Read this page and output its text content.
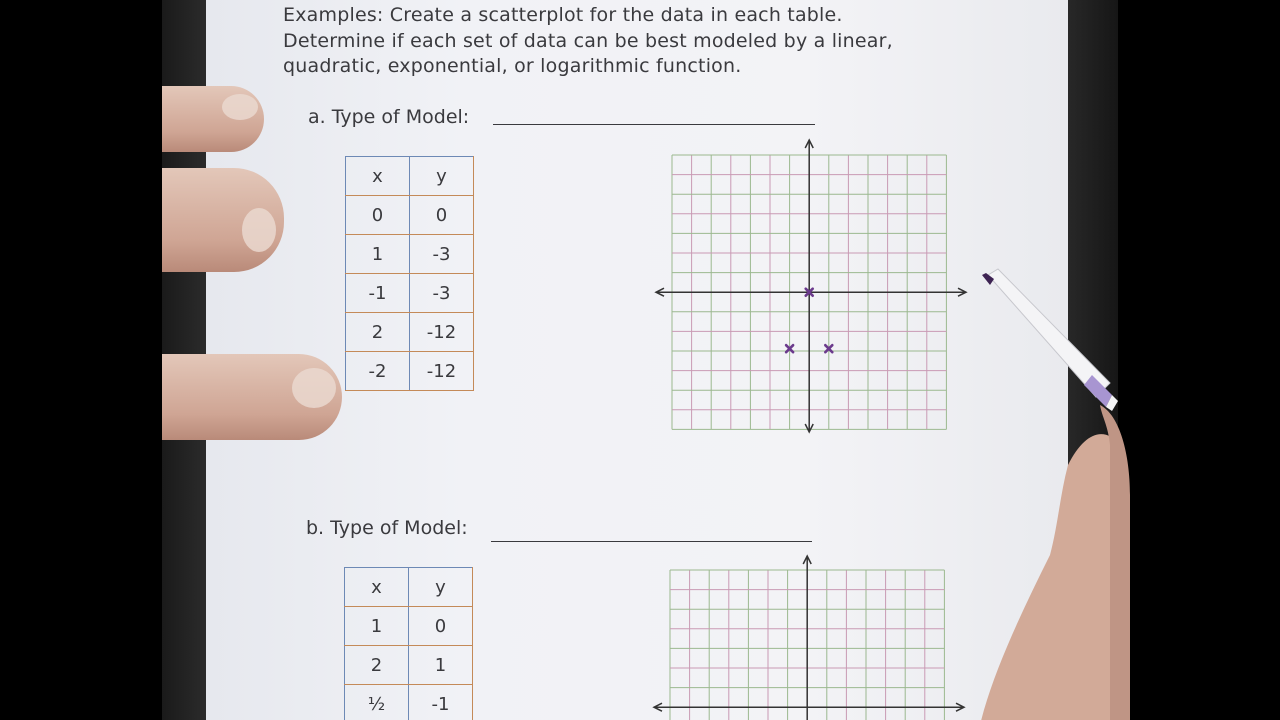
Examples: Create a scatterplot for the data in each table.
Determine if each set of data can be best modeled by a linear,
quadratic, exponential, or logarithmic function.
a. Type of Model:
x	y
0	0
1	-3
-1	-3
2	-12
-2	-12
b. Type of Model:
x	y
1	0
2	1
½	-1
